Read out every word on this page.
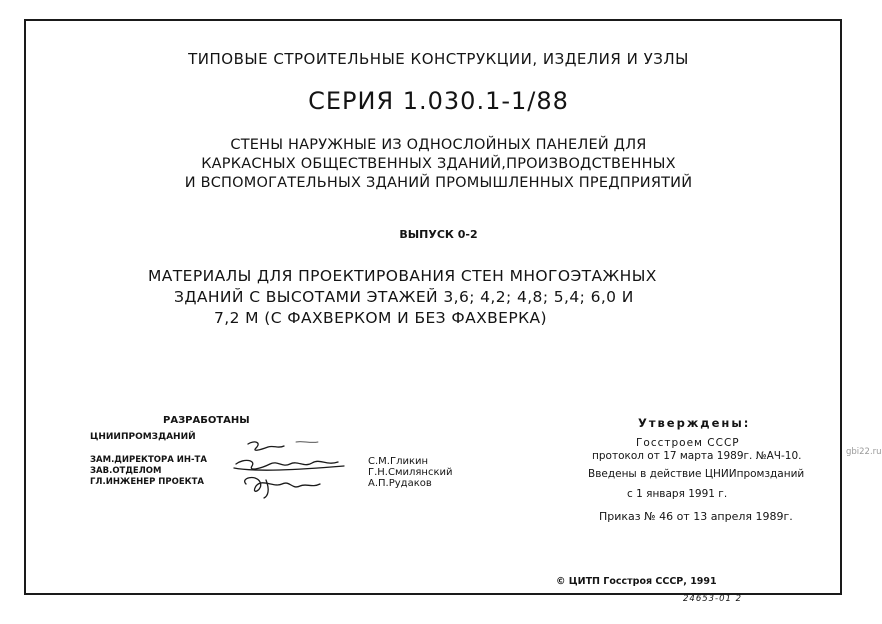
ТИПОВЫЕ СТРОИТЕЛЬНЫЕ КОНСТРУКЦИИ, ИЗДЕЛИЯ И УЗЛЫ
СЕРИЯ 1.030.1-1/88
СТЕНЫ НАРУЖНЫЕ ИЗ ОДНОСЛОЙНЫХ ПАНЕЛЕЙ ДЛЯ
КАРКАСНЫХ ОБЩЕСТВЕННЫХ ЗДАНИЙ,ПРОИЗВОДСТВЕННЫХ
И ВСПОМОГАТЕЛЬНЫХ ЗДАНИЙ ПРОМЫШЛЕННЫХ ПРЕДПРИЯТИЙ
ВЫПУСК 0-2
МАТЕРИАЛЫ ДЛЯ ПРОЕКТИРОВАНИЯ СТЕН МНОГОЭТАЖНЫХ
ЗДАНИЙ С ВЫСОТАМИ ЭТАЖЕЙ 3,6; 4,2; 4,8; 5,4; 6,0 И
7,2 М (С ФАХВЕРКОМ И БЕЗ ФАХВЕРКА)
РАЗРАБОТАНЫ
ЦНИИПРОМЗДАНИЙ
ЗАМ.ДИРЕКТОРА ИН-ТА
ЗАВ.ОТДЕЛОМ
ГЛ.ИНЖЕНЕР ПРОЕКТА
С.М.Гликин
Г.Н.Смилянский
А.П.Рудаков
Утверждены:
Госстроем СССР
протокол от 17 марта 1989г. №АЧ-10.
Введены в действие ЦНИИпромзданий
с 1 января 1991 г.
Приказ № 46 от 13 апреля 1989г.
© ЦИТП Госстроя СССР, 1991
24653-01 2
gbi22.ru
